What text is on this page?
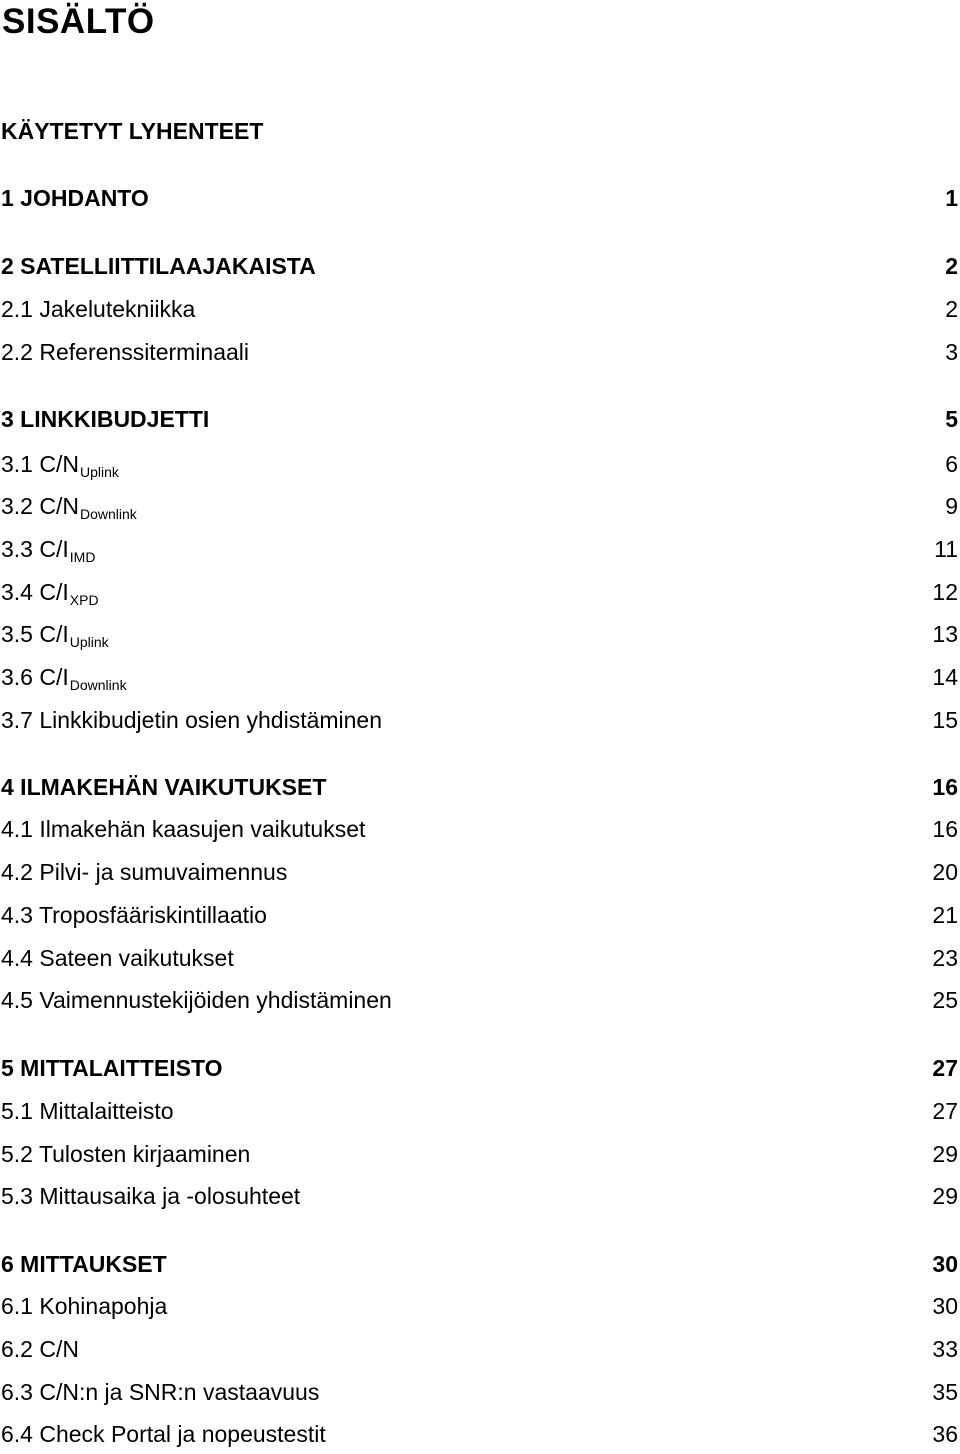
SISÄLTÖ
KÄYTETYT LYHENTEET
1 JOHDANTO	1
2 SATELLIITTILAAJAKAISTA	2
2.1 Jakelutekniikka	2
2.2 Referenssiterminaali	3
3 LINKKIBUDJETTI	5
3.1 $C/N_{Uplink}$	6
3.2 $C/N_{Downlink}$	9
3.3 $C/I_{IMD}$	11
3.4 $C/I_{XPD}$	12
3.5 $C/I_{Uplink}$	13
3.6 $C/I_{Downlink}$	14
3.7 Linkkibudjetin osien yhdistäminen	15
4 ILMAKEHÄN VAIKUTUKSET	16
4.1 Ilmakehän kaasujen vaikutukset	16
4.2 Pilvi- ja sumuvaimennus	20
4.3 Troposfääriskintillaatio	21
4.4 Sateen vaikutukset	23
4.5 Vaimennustekijöiden yhdistäminen	25
5 MITTALAITTEISTO	27
5.1 Mittalaitteisto	27
5.2 Tulosten kirjaaminen	29
5.3 Mittausaika ja -olosuhteet	29
6 MITTAUKSET	30
6.1 Kohinapohja	30
6.2 C/N	33
6.3 C/N:n ja SNR:n vastaavuus	35
6.4 Check Portal ja nopeustestit	36
